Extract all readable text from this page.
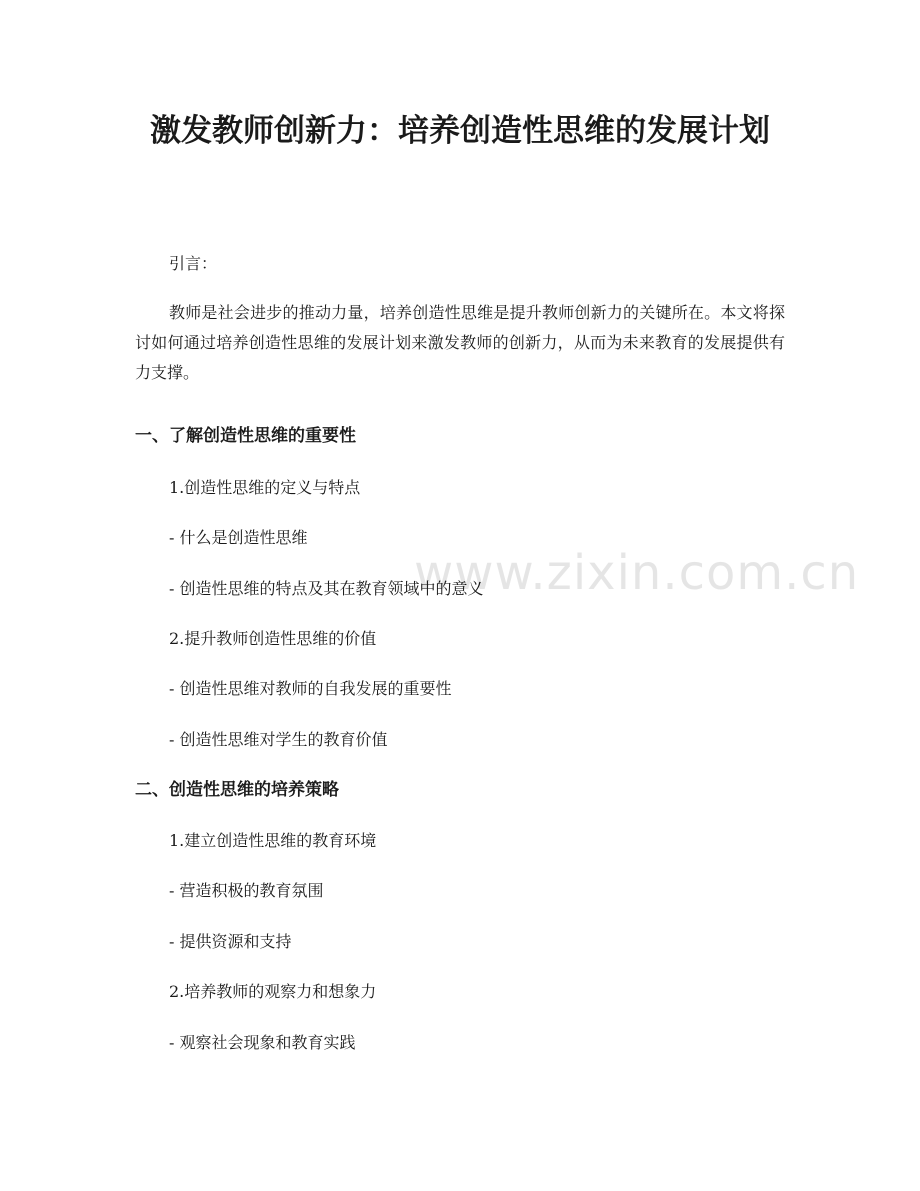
激发教师创新力：培养创造性思维的发展计划

引言：

教师是社会进步的推动力量，培养创造性思维是提升教师创新力的关键所在。本文将探讨如何通过培养创造性思维的发展计划来激发教师的创新力，从而为未来教育的发展提供有力支撑。

一、了解创造性思维的重要性

1.创造性思维的定义与特点

- 什么是创造性思维

- 创造性思维的特点及其在教育领域中的意义

2.提升教师创造性思维的价值

- 创造性思维对教师的自我发展的重要性

- 创造性思维对学生的教育价值

二、创造性思维的培养策略

1.建立创造性思维的教育环境

- 营造积极的教育氛围

- 提供资源和支持

2.培养教师的观察力和想象力

- 观察社会现象和教育实践

www.zixin.com.cn
